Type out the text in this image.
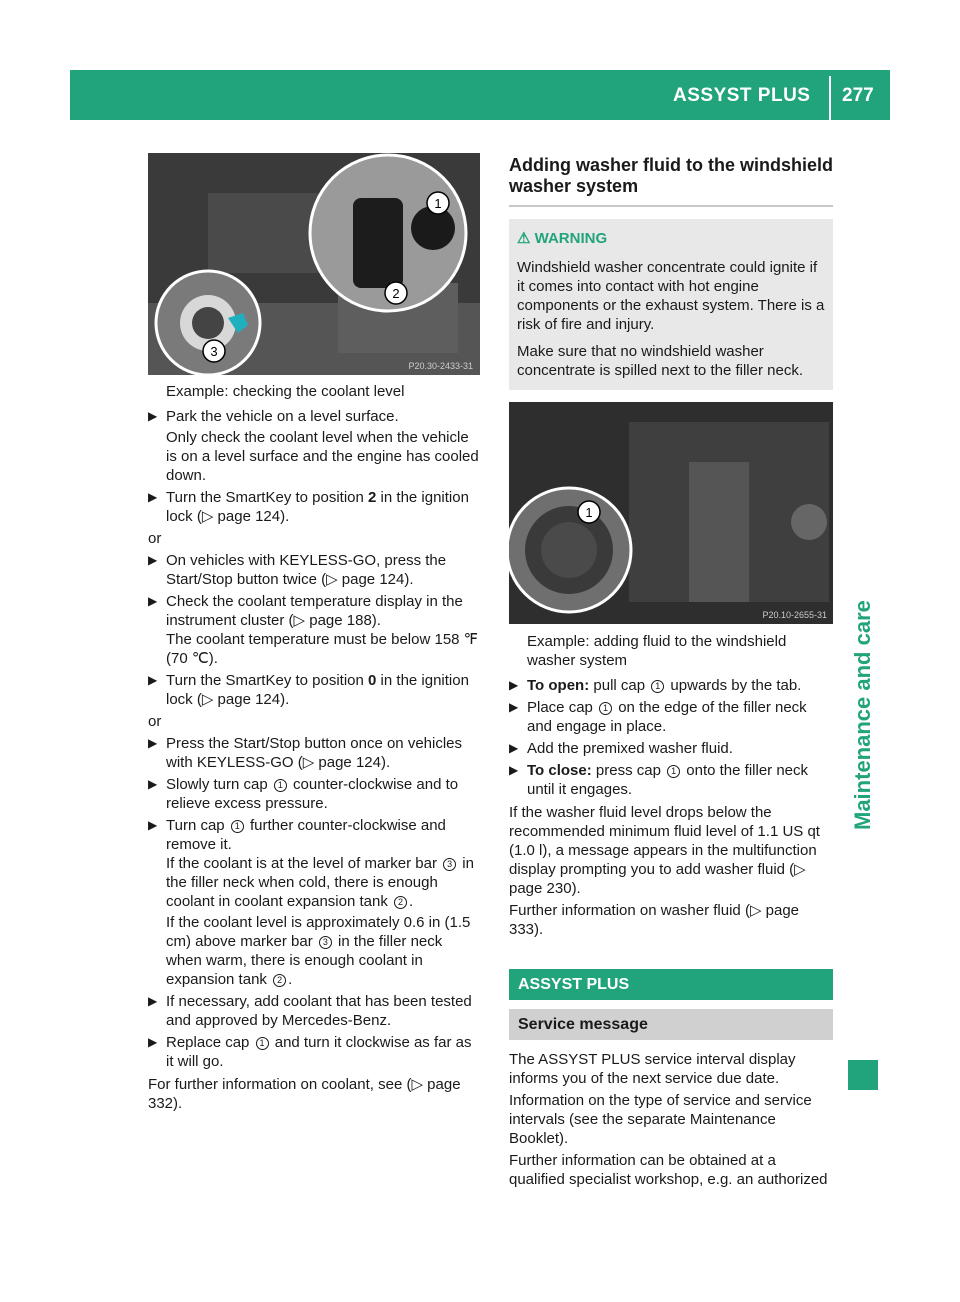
ASSYST PLUS 277
Maintenance and care
1
2
3
P20.30-2433-31
Example: checking the coolant level
▶ Park the vehicle on a level surface.
Only check the coolant level when the vehicle is on a level surface and the engine has cooled down.
▶ Turn the SmartKey to position 2 in the ignition lock (▷ page 124).
or
▶ On vehicles with KEYLESS-GO, press the Start/Stop button twice (▷ page 124).
▶ Check the coolant temperature display in the instrument cluster (▷ page 188).
The coolant temperature must be below 158 ℉ (70 ℃).
▶ Turn the SmartKey to position 0 in the ignition lock (▷ page 124).
or
▶ Press the Start/Stop button once on vehicles with KEYLESS-GO (▷ page 124).
▶ Slowly turn cap 1 counter-clockwise and to relieve excess pressure.
▶ Turn cap 1 further counter-clockwise and remove it.
If the coolant is at the level of marker bar 3 in the filler neck when cold, there is enough coolant in coolant expansion tank 2 .
If the coolant level is approximately 0.6 in (1.5 cm) above marker bar 3 in the filler neck when warm, there is enough coolant in expansion tank 2 .
▶ If necessary, add coolant that has been tested and approved by Mercedes-Benz.
▶ Replace cap 1 and turn it clockwise as far as it will go.
For further information on coolant, see (▷ page 332).
Adding washer fluid to the windshield washer system
⚠ WARNING

Windshield washer concentrate could ignite if it comes into contact with hot engine components or the exhaust system. There is a risk of fire and injury.

Make sure that no windshield washer concentrate is spilled next to the filler neck.

1
P20.10-2655-31
Example: adding fluid to the windshield washer system
▶ To open: pull cap 1 upwards by the tab.
▶ Place cap 1 on the edge of the filler neck and engage in place.
▶ Add the premixed washer fluid.
▶ To close: press cap 1 onto the filler neck until it engages.
If the washer fluid level drops below the recommended minimum fluid level of 1.1 US qt (1.0 l), a message appears in the multifunction display prompting you to add washer fluid (▷ page 230).
Further information on washer fluid (▷ page 333).
ASSYST PLUS
Service message
The ASSYST PLUS service interval display informs you of the next service due date.
Information on the type of service and service intervals (see the separate Maintenance Booklet).
Further information can be obtained at a qualified specialist workshop, e.g. an authorized
